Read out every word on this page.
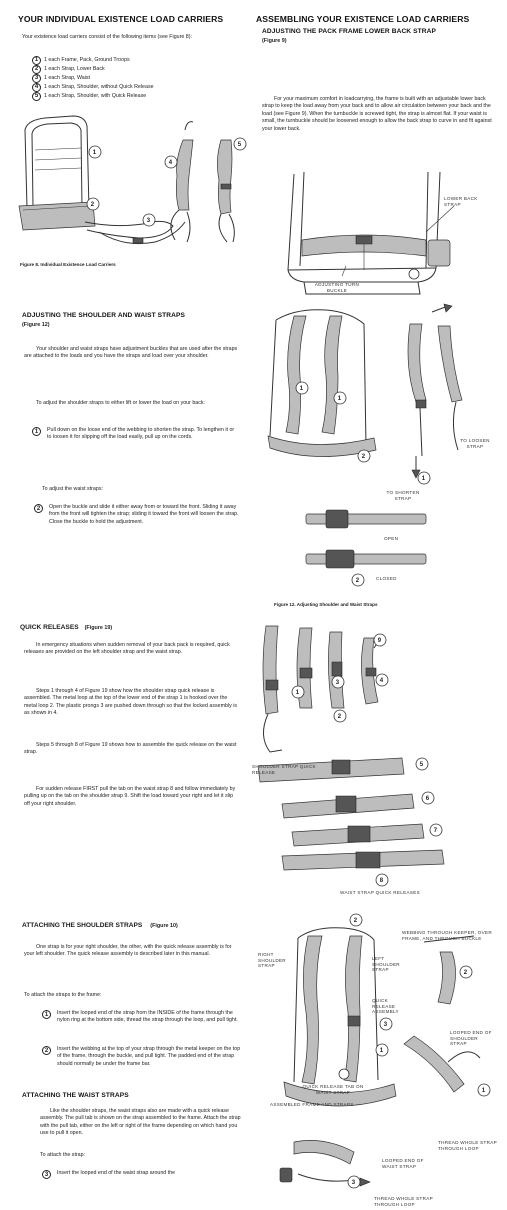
YOUR INDIVIDUAL EXISTENCE LOAD CARRIERS
Your existence load carriers consist of the following items (see Figure 8):
1	1 each Frame, Pack, Ground Troops
2	1 each Strap, Lower Back
3	1 each Strap, Waist
4	1 each Strap, Shoulder, without Quick Release
5	1 each Strap, Shoulder, with Quick Release
1
2
3
4
5
Figure 8. Individual Existence Load Carriers
ASSEMBLING YOUR EXISTENCE LOAD CARRIERS
ADJUSTING THE PACK FRAME LOWER BACK STRAP
(Figure 9)
For your maximum comfort in loadcarrying, the frame is built with an adjustable lower back strap to keep the load away from your back and to allow air circulation between your back and the load (see Figure 9). When the turnbuckle is screwed tight, the strap is almost flat. If your waist is small, the turnbuckle should be loosened enough to allow the back strap to curve in and fit against your lower back.
LOWER BACK STRAP
ADJUSTING TURN BUCKLE
ADJUSTING THE SHOULDER AND WAIST STRAPS
(Figure 12)
Your shoulder and waist straps have adjustment buckles that are used after the straps are attached to the loads and you have the straps and load over your shoulder.
To adjust the shoulder straps to either lift or lower the load on your back:
1	Pull down on the loose end of the webbing to shorten the strap. To lengthen it or to loosen it for slipping off the load easily, pull up on the cords.
To adjust the waist straps:
2	Open the buckle and slide it either away from or toward the front. Sliding it away from the front will tighten the strap; sliding it toward the front will loosen the strap. Close the buckle to hold the adjustment.
1
1
2
1
2
TO LOOSEN STRAP
TO SHORTEN STRAP
OPEN
CLOSED
Figure 12. Adjusting Shoulder and Waist Straps
QUICK RELEASES (Figure 19)
In emergency situations when sudden removal of your back pack is required, quick releases are provided on the left shoulder strap and the waist strap.
Steps 1 through 4 of Figure 19 show how the shoulder strap quick release is assembled. The metal loop at the top of the lower end of the strap 1 is hooked over the metal loop 2. The plastic prongs 3 are pushed down through so that the locked assembly is as shown in 4.
Steps 5 through 8 of Figure 19 shows how to assemble the quick release on the waist strap.
For sudden release FIRST pull the tab on the waist strap 8 and follow immediately by pulling up on the tab on the shoulder strap 9. Shift the load toward your right and let it slip off your right shoulder.
1
2
3	4
9
5
6
7
8
SHOULDER STRAP QUICK RELEASE
WAIST STRAP QUICK RELEASES
ATTACHING THE SHOULDER STRAPS (Figure 10)
One strap is for your right shoulder, the other, with the quick release assembly is for your left shoulder. The quick release assembly is described later in this manual.
To attach the straps to the frame:
1	Insert the looped end of the strap from the INSIDE of the frame through the nylon ring at the bottom side, thread the strap through the loop, and pull tight.
2	Insert the webbing at the top of your strap through the metal keeper on the top of the frame, through the buckle, and pull tight. The padded end of the strap should normally be under the frame bar.
ATTACHING THE WAIST STRAPS
Like the shoulder straps, the waist straps also are made with a quick release assembly. The pull tab is shown on the strap assembled to the frame. Attach the strap with the pull tab, either on the left or right of the frame depending on which hand you use to pull it open.
To attach the strap:
3	Insert the looped end of the waist strap around the
2
1
3
2
1
3
WEBBING THROUGH KEEPER, OVER FRAME, AND THROUGH BUCKLE
RIGHT SHOULDER STRAP
LEFT SHOULDER STRAP
QUICK RELEASE ASSEMBLY
LOOPED END OF SHOULDER STRAP
QUICK RELEASE TAB ON WAIST STRAP
ASSEMBLED FRAME AND STRAPS
THREAD WHOLE STRAP THROUGH LOOP
LOOPED END OF WAIST STRAP
THREAD WHOLE STRAP THROUGH LOOP
